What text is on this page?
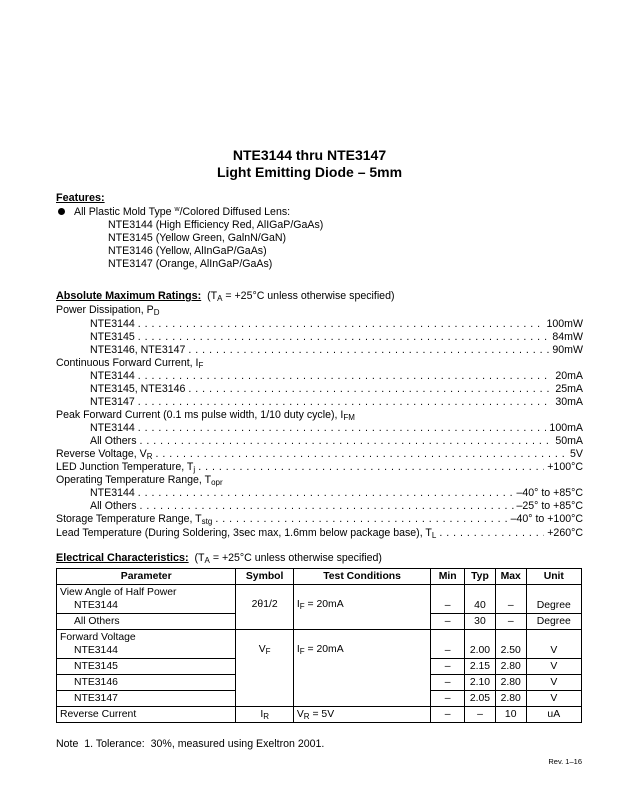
NTE3144 thru NTE3147
Light Emitting Diode – 5mm
Features:
All Plastic Mold Type $^w$/Colored Diffused Lens:
NTE3144 (High Efficiency Red, AlIGaP/GaAs)
NTE3145 (Yellow Green, GalnN/GaN)
NTE3146 (Yellow, AlInGaP/GaAs)
NTE3147 (Orange, AlInGaP/GaAs)
Absolute Maximum Ratings: ($T_A = +25^\circ C$ unless otherwise specified)
Power Dissipation, $P_D$
NTE3144 . . .	100mW
NTE3145 . . .	84mW
NTE3146, NTE3147 . . .	90mW
Continuous Forward Current, $I_F$
NTE3144 . . .	20mA
NTE3145, NTE3146 . . .	25mA
NTE3147 . . .	30mA
Peak Forward Current (0.1 ms pulse width, 1/10 duty cycle), $I_{FM}$
NTE3144 . . .	100mA
All Others . . .	50mA
Reverse Voltage, $V_R$ . . .	5V
LED Junction Temperature, $T_j$ . . .	+100°C
Operating Temperature Range, $T_{opr}$
NTE3144 . . .	–40° to +85°C
All Others . . .	–25° to +85°C
Storage Temperature Range, $T_{stg}$ . . .	–40° to +100°C
Lead Temperature (During Soldering, 3sec max, 1.6mm below package base), $T_L$ . . .	+260°C
Electrical Characteristics: ($T_A = +25^\circ C$ unless otherwise specified)
Parameter	Symbol	Test Conditions	Min	Typ	Max	Unit
View Angle of Half Power
NTE3144	2θ1/2	$I_F = 20mA$	–	40	–	Degree
All Others			–	30	–	Degree
Forward Voltage
NTE3144	$V_F$	$I_F = 20mA$	–	2.00	2.50	V
NTE3145			–	2.15	2.80	V
NTE3146			–	2.10	2.80	V
NTE3147			–	2.05	2.80	V
Reverse Current	$I_R$	$V_R = 5V$	–	–	10	uA
Note  1. Tolerance:  30%, measured using Exeltron 2001.
Rev. 1–16
